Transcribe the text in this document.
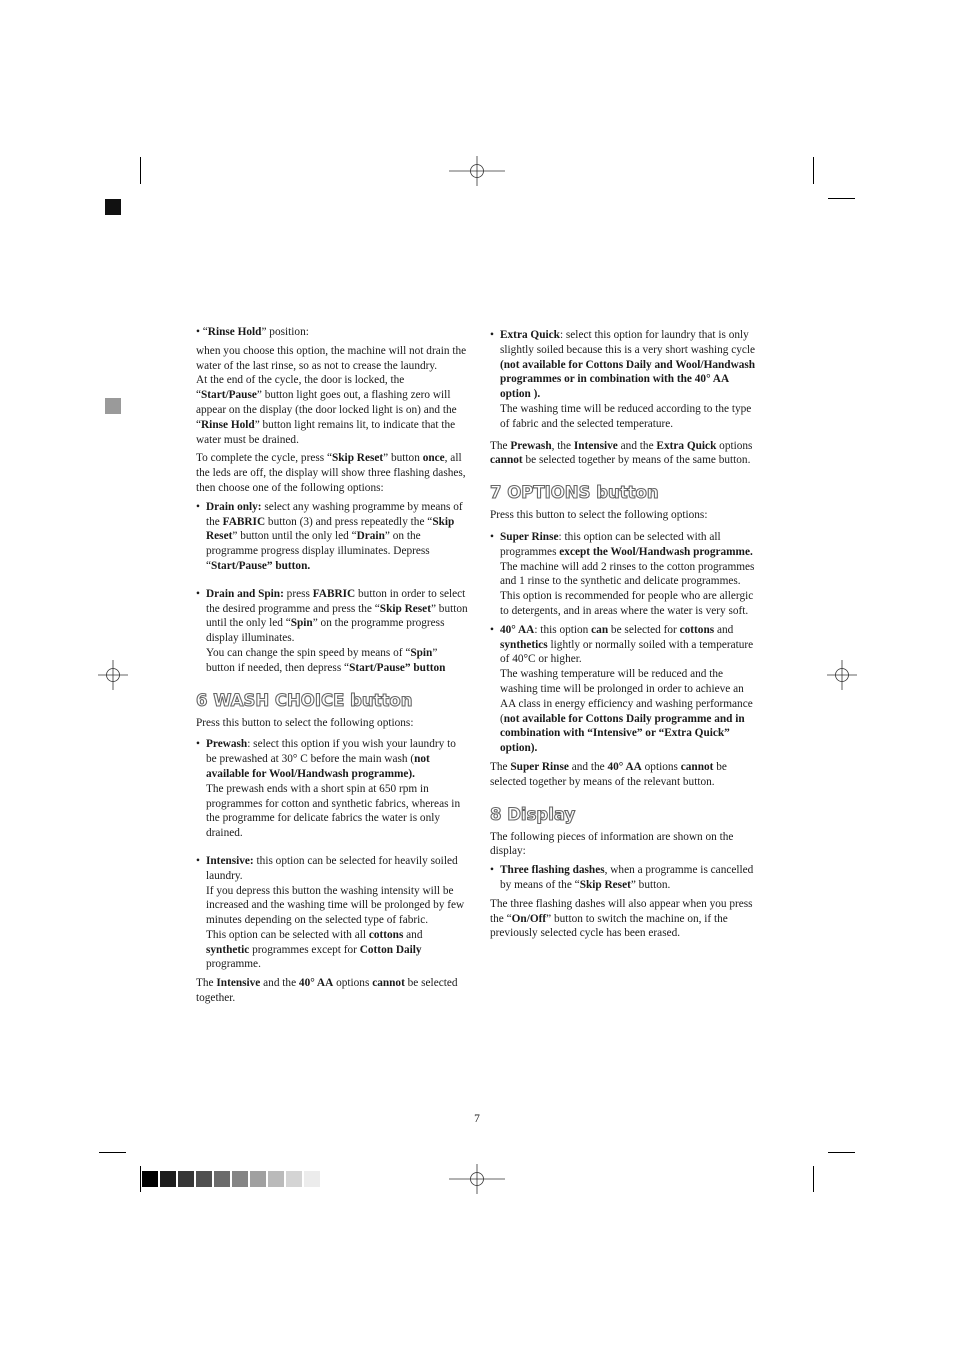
• “Rinse Hold” position:

when you choose this option, the machine will not drain the water of the last rinse, so as not to crease the laundry.

At the end of the cycle, the door is locked, the “Start/Pause” button light goes out, a flashing zero will appear on the display (the door locked light is on) and the “Rinse Hold” button light remains lit, to indicate that the water must be drained.

To complete the cycle, press “Skip Reset” button once, all the leds are off, the display will show three flashing dashes, then choose one of the following options:

• Drain only: select any washing programme by means of the FABRIC button (3) and press repeatedly the “Skip Reset” button until the only led “Drain” on the programme progress display illuminates. Depress “Start/Pause” button.
• Drain and Spin: press FABRIC button in order to select the desired programme and press the “Skip Reset” button until the only led “Spin” on the programme progress display illuminates.
You can change the spin speed by means of “Spin” button if needed, then depress “Start/Pause” button
6 WASH CHOICE button

Press this button to select the following options:

• Prewash: select this option if you wish your laundry to be prewashed at 30° C before the main wash (not available for Wool/Handwash programme).
The prewash ends with a short spin at 650 rpm in programmes for cotton and synthetic fabrics, whereas in the programme for delicate fabrics the water is only drained.
• Intensive: this option can be selected for heavily soiled laundry.
If you depress this button the washing intensity will be increased and the washing time will be prolonged by few minutes depending on the selected type of fabric.
This option can be selected with all cottons and synthetic programmes except for Cotton Daily programme.

The Intensive and the 40° AA options cannot be selected together.

• Extra Quick: select this option for laundry that is only slightly soiled because this is a very short washing cycle (not available for Cottons Daily and Wool/Handwash programmes or in combination with the 40° AA option ).
The washing time will be reduced according to the type of fabric and the selected temperature.

The Prewash, the Intensive and the Extra Quick options cannot be selected together by means of the same button.

7 OPTIONS button

Press this button to select the following options:

• Super Rinse: this option can be selected with all programmes except the Wool/Handwash programme. The machine will add 2 rinses to the cotton programmes and 1 rinse to the synthetic and delicate programmes. This option is recommended for people who are allergic to detergents, and in areas where the water is very soft.
• 40° AA: this option can be selected for cottons and synthetics lightly or normally soiled with a temperature of 40°C or higher.
The washing temperature will be reduced and the washing time will be prolonged in order to achieve an AA class in energy efficiency and washing performance (not available for Cottons Daily programme and in combination with “Intensive” or “Extra Quick” option).

The Super Rinse and the 40° AA options cannot be selected together by means of the relevant button.

8 Display

The following pieces of information are shown on the display:

• Three flashing dashes, when a programme is cancelled by means of the “Skip Reset” button.

The three flashing dashes will also appear when you press the “On/Off” button to switch the machine on, if the previously selected cycle has been erased.

7
